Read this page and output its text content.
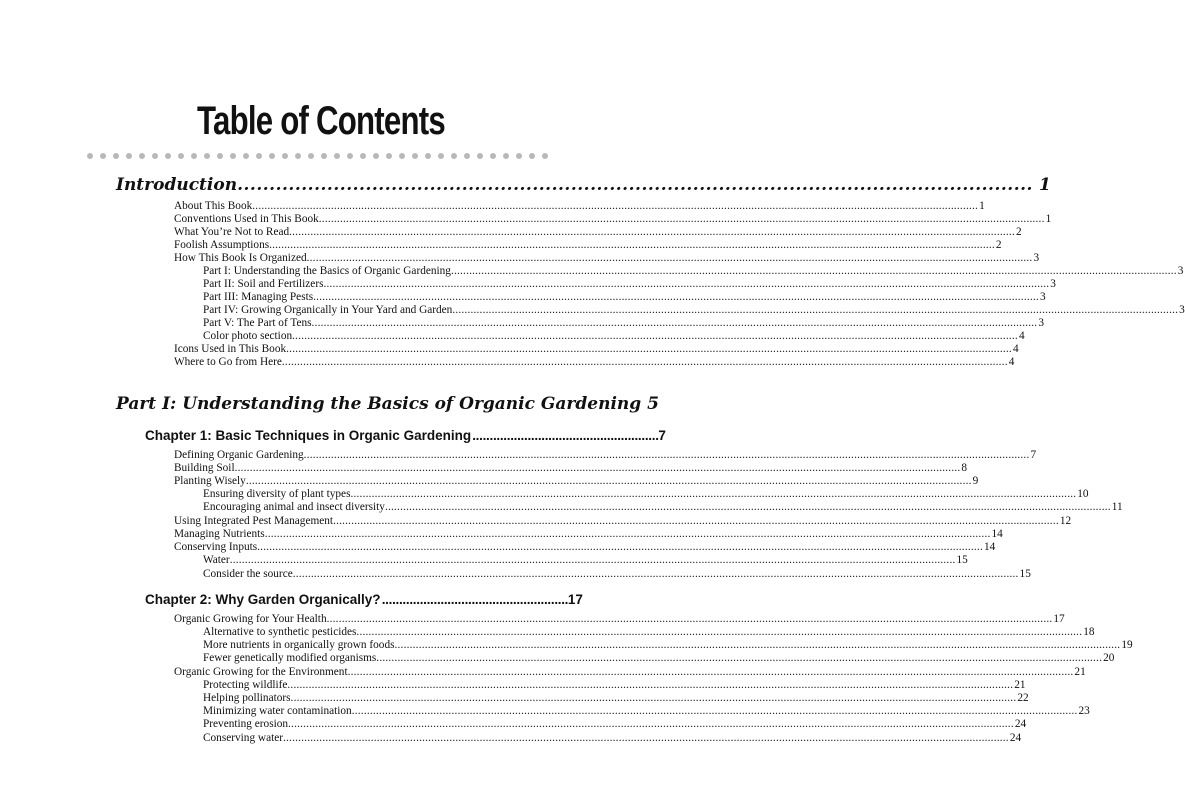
Table of Contents
Introduction .....	1
About This Book .....	1
Conventions Used in This Book .....	1
What You’re Not to Read .....	2
Foolish Assumptions .....	2
How This Book Is Organized .....	3
Part I: Understanding the Basics of Organic Gardening .....	3
Part II: Soil and Fertilizers .....	3
Part III: Managing Pests .....	3
Part IV: Growing Organically in Your Yard and Garden .....	3
Part V: The Part of Tens .....	3
Color photo section .....	4
Icons Used in This Book .....	4
Where to Go from Here .....	4
Part I: Understanding the Basics of Organic Gardening 5
Chapter 1: Basic Techniques in Organic Gardening . .	7
Defining Organic Gardening .....	7
Building Soil .....	8
Planting Wisely .....	9
Ensuring diversity of plant types .....	10
Encouraging animal and insect diversity .....	11
Using Integrated Pest Management .....	12
Managing Nutrients .....	14
Conserving Inputs .....	14
Water .....	15
Consider the source .....	15
Chapter 2: Why Garden Organically? . .	17
Organic Growing for Your Health .....	17
Alternative to synthetic pesticides .....	18
More nutrients in organically grown foods .....	19
Fewer genetically modified organisms .....	20
Organic Growing for the Environment .....	21
Protecting wildlife .....	21
Helping pollinators .....	22
Minimizing water contamination .....	23
Preventing erosion .....	24
Conserving water .....	24
